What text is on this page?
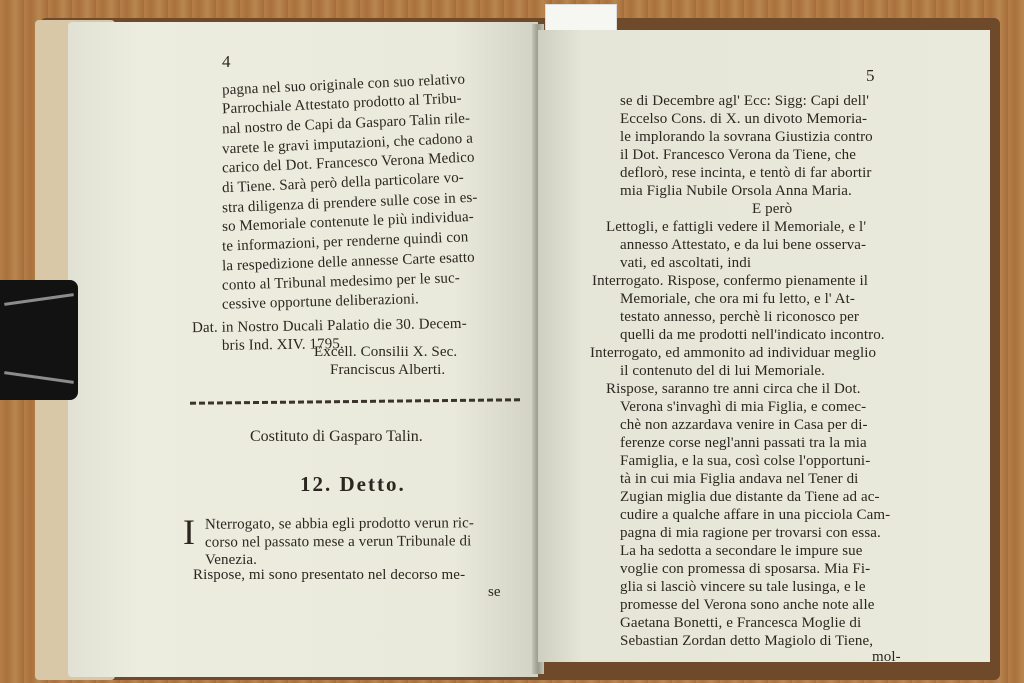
4
pagna nel suo originale con suo relativo
Parrochiale Attestato prodotto al Tribu-
nal nostro de Capi da Gasparo Talin rile-
varete le gravi imputazioni, che cadono a
carico del Dot. Francesco Verona Medico
di Tiene. Sarà però della particolare vo-
stra diligenza di prendere sulle cose in es-
so Memoriale contenute le più individua-
te informazioni, per renderne quindi con
la respedizione delle annesse Carte esatto
conto al Tribunal medesimo per le suc-
cessive opportune deliberazioni.
Dat. in Nostro Ducali Palatio die 30. Decem-
bris Ind. XIV. 1795.
Excell. Consilii X. Sec.
Franciscus Alberti.
Costituto di Gasparo Talin.
12. Detto.
I Nterrogato, se abbia egli prodotto verun ric-
corso nel passato mese a verun Tribunale di
Venezia.
Rispose, mi sono presentato nel decorso me-
se
5
se di Decembre agl' Ecc: Sigg: Capi dell'
Eccelso Cons. di X. un divoto Memoria-
le implorando la sovrana Giustizia contro
il Dot. Francesco Verona da Tiene, che
deflorò, rese incinta, e tentò di far abortir
mia Figlia Nubile Orsola Anna Maria.
E però
Lettogli, e fattigli vedere il Memoriale, e l'
annesso Attestato, e da lui bene osserva-
vati, ed ascoltati, indi
Interrogato. Rispose, confermo pienamente il
Memoriale, che ora mi fu letto, e l' At-
testato annesso, perchè li riconosco per
quelli da me prodotti nell'indicato incontro.
Interrogato, ed ammonito ad individuar meglio
il contenuto del di lui Memoriale.
Rispose, saranno tre anni circa che il Dot.
Verona s'invaghì di mia Figlia, e comec-
chè non azzardava venire in Casa per di-
ferenze corse negl'anni passati tra la mia
Famiglia, e la sua, così colse l'opportuni-
tà in cui mia Figlia andava nel Tener di
Zugian miglia due distante da Tiene ad ac-
cudire a qualche affare in una picciola Cam-
pagna di mia ragione per trovarsi con essa.
La ha sedotta a secondare le impure sue
voglie con promessa di sposarsa. Mia Fi-
glia si lasciò vincere su tale lusinga, e le
promesse del Verona sono anche note alle
Gaetana Bonetti, e Francesca Moglie di
Sebastian Zordan detto Magiolo di Tiene,
mol-
